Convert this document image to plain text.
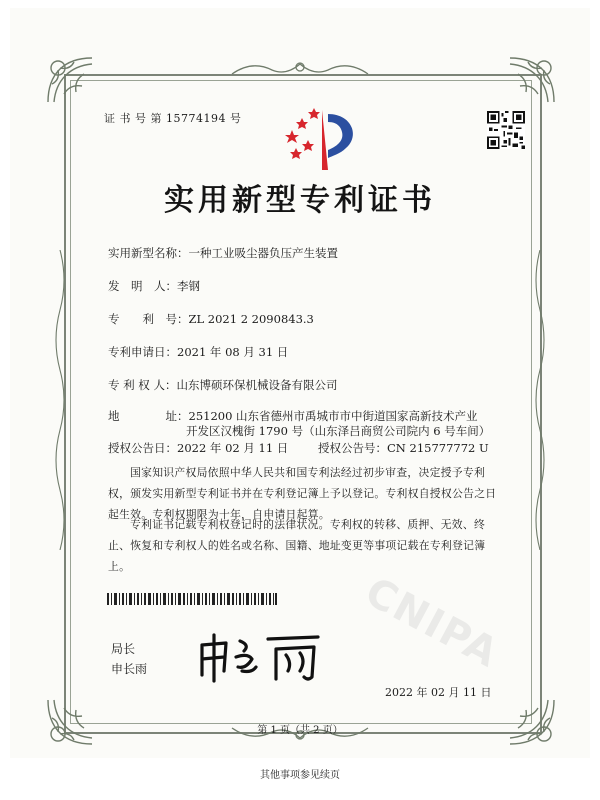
证 书 号 第 15774194 号
实用新型专利证书
实用新型名称：一种工业吸尘器负压产生装置
发　明　人：李钢
专　　利　号：ZL 2021 2 2090843.3
专利申请日：2021 年 08 月 31 日
专 利 权 人：山东博硕环保机械设备有限公司
地　　　　址：251200 山东省德州市禹城市市中街道国家高新技术产业
开发区汉槐街 1790 号（山东泽吕商贸公司院内 6 号车间）
授权公告日：2022 年 02 月 11 日	授权公告号：CN 215777772 U
国家知识产权局依照中华人民共和国专利法经过初步审查，决定授予专利权，颁发实用新型专利证书并在专利登记簿上予以登记。专利权自授权公告之日起生效。专利权期限为十年，自申请日起算。
专利证书记载专利权登记时的法律状况。专利权的转移、质押、无效、终止、恢复和专利权人的姓名或名称、国籍、地址变更等事项记载在专利登记簿上。
CNIPA
局长
申长雨
2022 年 02 月 11 日
第 1 页（共 2 页）
其他事项参见续页
